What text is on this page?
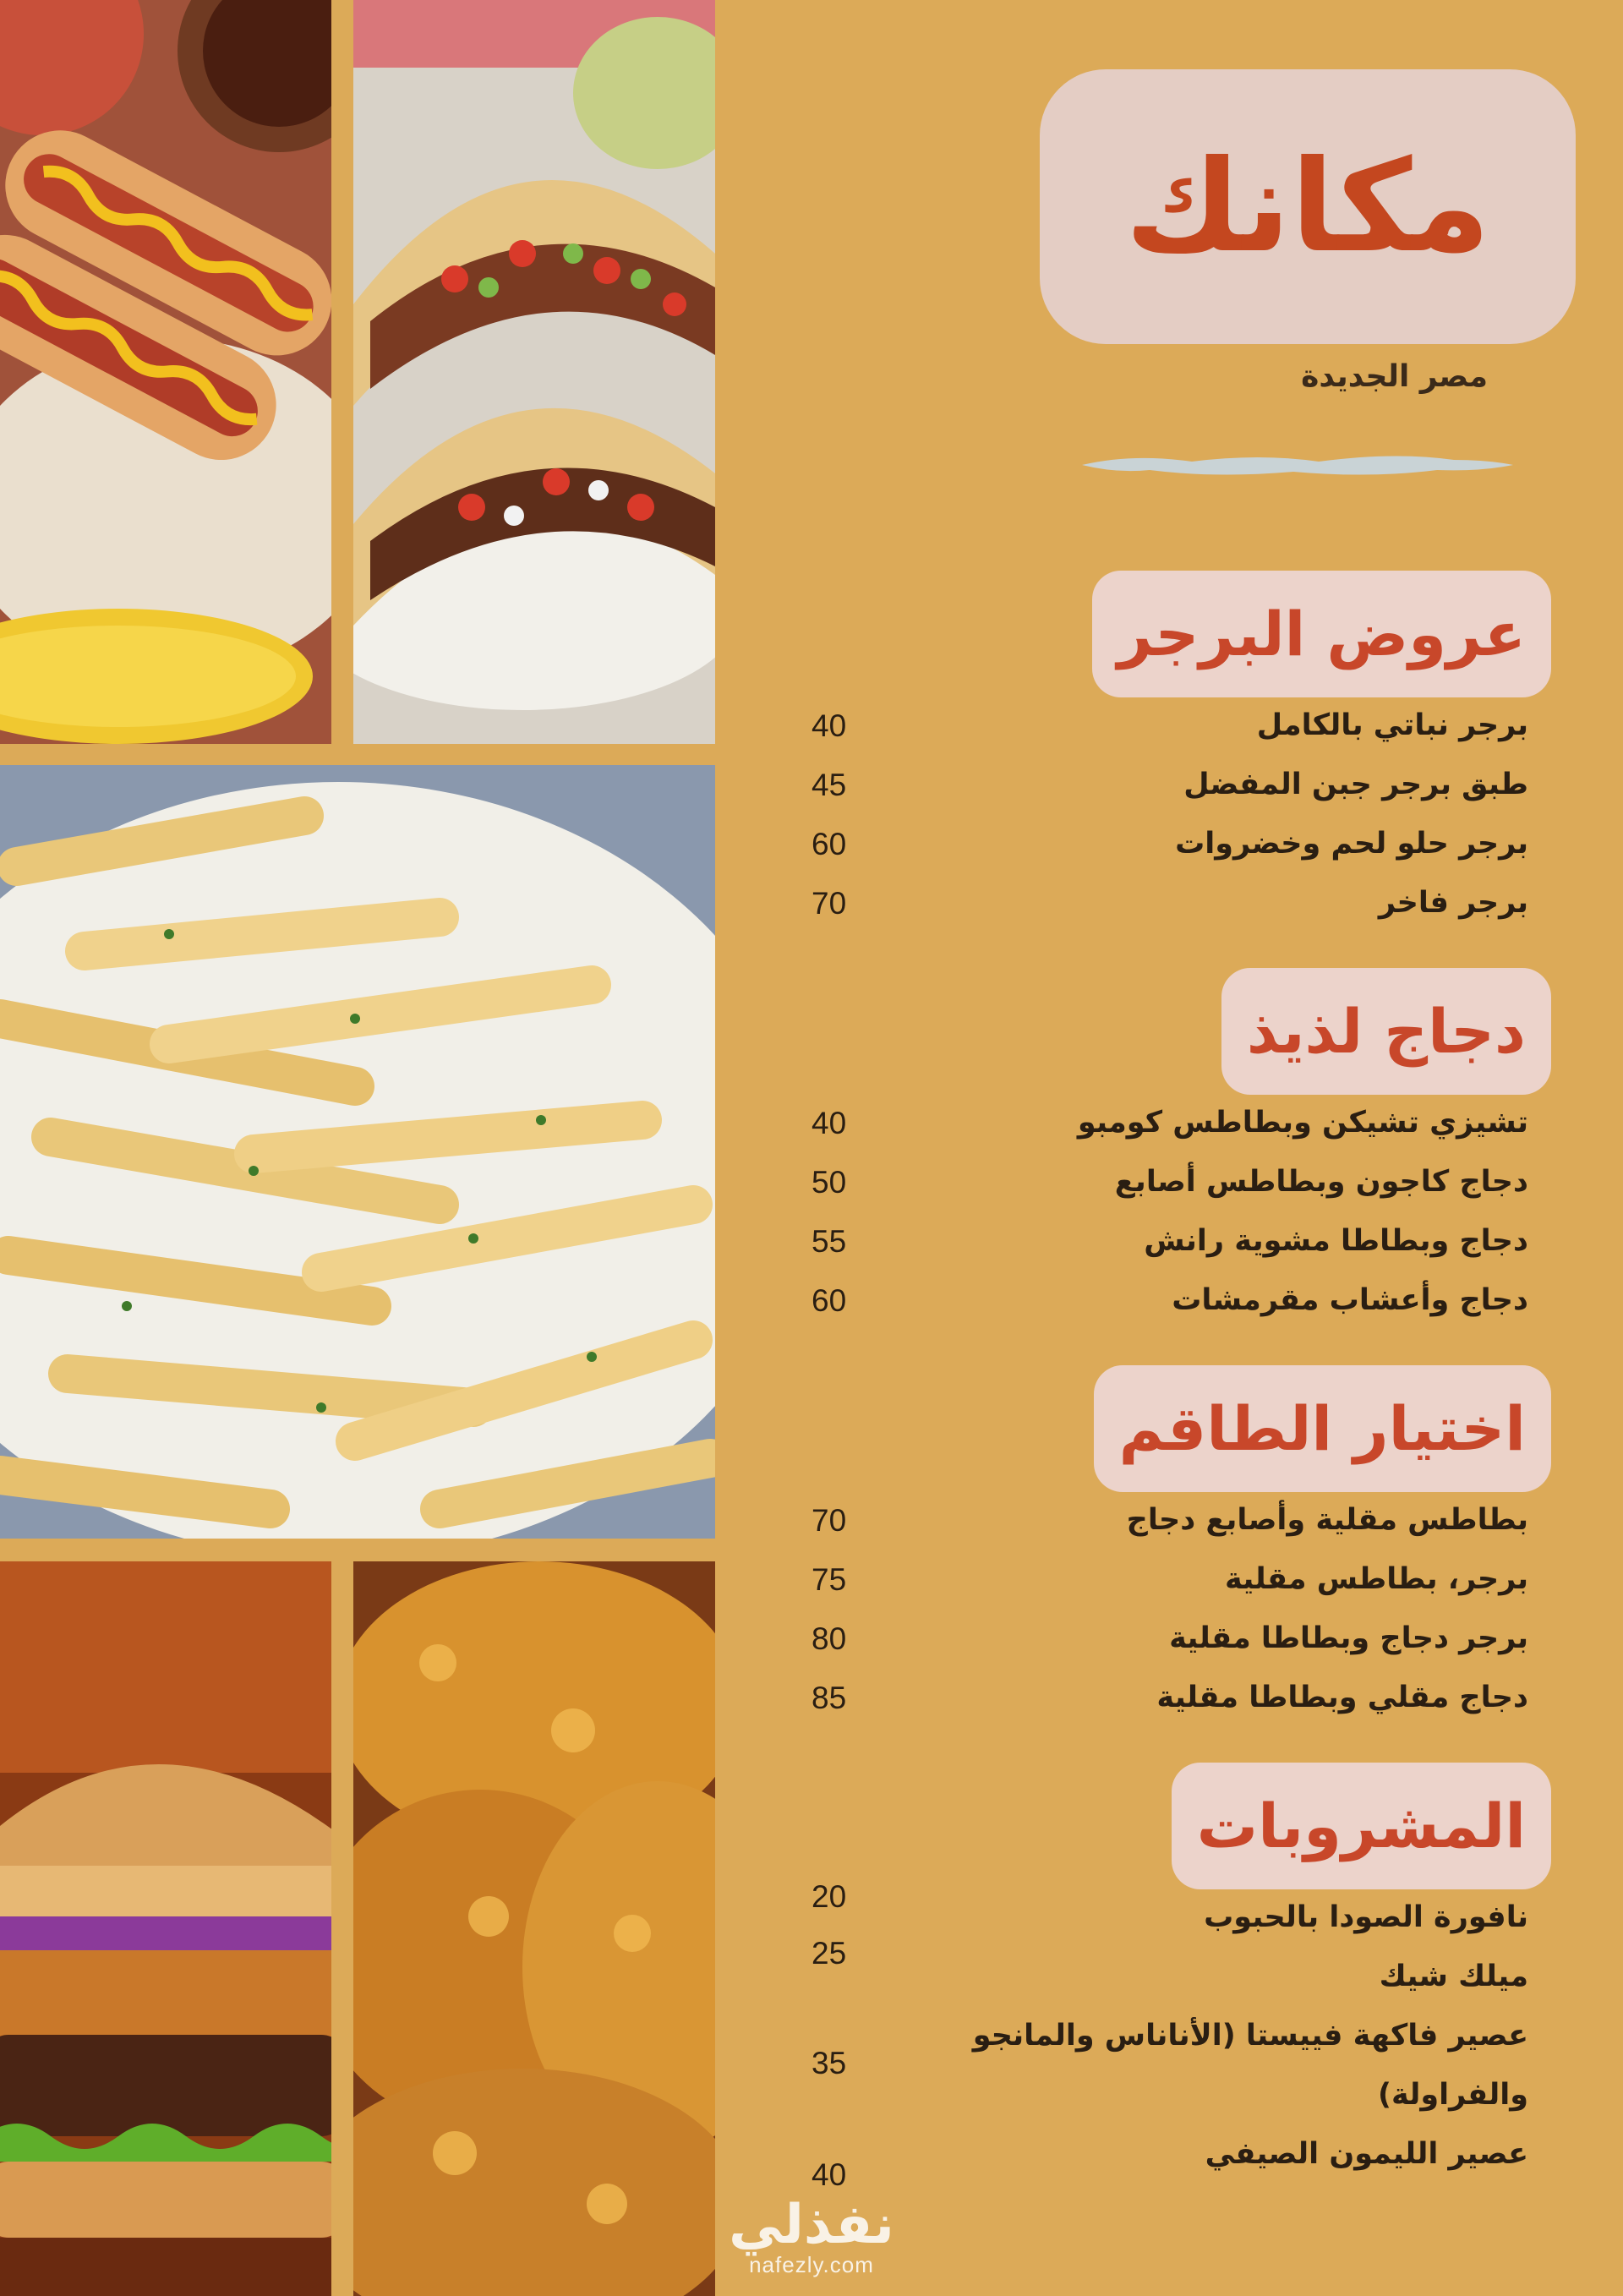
مكانك
مصر الجديدة
عروض البرجر
برجر نباتي بالكامل
40
طبق برجر جبن المفضل
45
برجر حلو لحم وخضروات
60
برجر فاخر
70
دجاج لذيذ
تشيزي تشيكن وبطاطس كومبو
40
دجاج كاجون وبطاطس أصابع
50
دجاج وبطاطا مشوية رانش
55
دجاج وأعشاب مقرمشات
60
اختيار الطاقم
بطاطس مقلية وأصابع دجاج
70
برجر، بطاطس مقلية
75
برجر دجاج وبطاطا مقلية
80
دجاج مقلي وبطاطا مقلية
85
المشروبات
20
نافورة الصودا بالحبوب
25
ميلك شيك
عصير فاكهة فييستا (الأناناس والمانجو
35
والفراولة)
عصير الليمون الصيفي
40
نفذلي
nafezly.com
